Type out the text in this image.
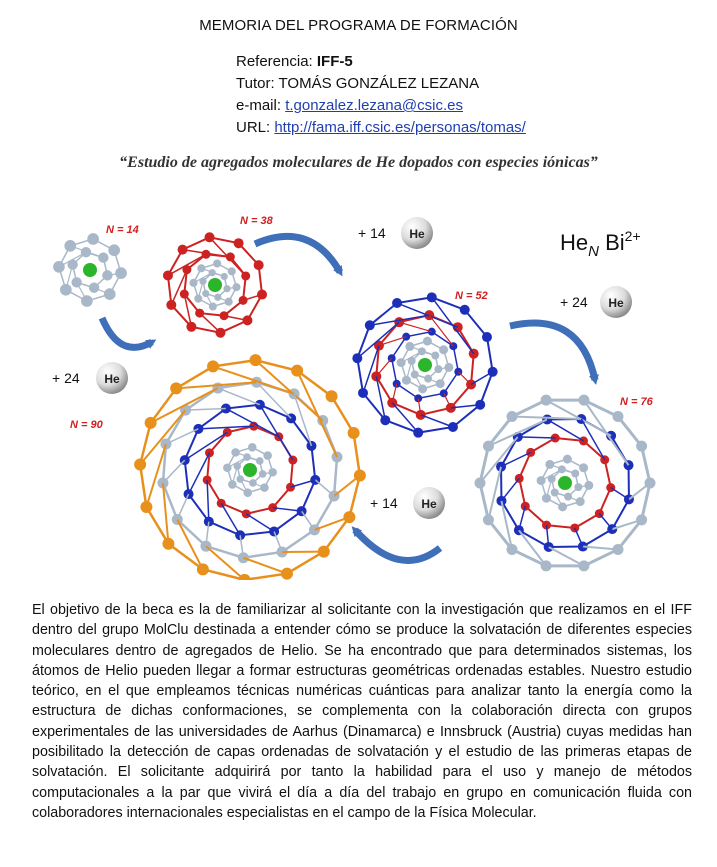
MEMORIA DEL PROGRAMA DE FORMACIÓN
Referencia: IFF-5
Tutor: TOMÁS GONZÁLEZ LEZANA
e-mail: t.gonzalez.lezana@csic.es
URL: http://fama.iff.csic.es/personas/tomas/
“Estudio de agregados moleculares de He dopados con especies iónicas”
N = 14
N = 38
N = 52
N = 76
N = 90
+ 14 He
+ 24 He
+ 14 He
+ 24 He
$He_N$ $Bi^{2+}$
El objetivo de la beca es la de familiarizar al solicitante con la investigación que realizamos en el IFF dentro del grupo MolClu destinada a entender cómo se produce la solvatación de diferentes especies moleculares dentro de agregados de Helio. Se ha encontrado que para determinados sistemas, los átomos de Helio pueden llegar a formar estructuras geométricas ordenadas estables. Nuestro estudio teórico, en el que empleamos técnicas numéricas cuánticas para analizar tanto la energía como la estructura de dichas conformaciones, se complementa con la colaboración directa con grupos experimentales de las universidades de Aarhus (Dinamarca) e Innsbruck (Austria) cuyas medidas han posibilitado la detección de capas ordenadas de solvatación y el estudio de las primeras etapas de solvatación. El solicitante adquirirá por tanto la habilidad para el uso y manejo de métodos computacionales a la par que vivirá el día a día del trabajo en grupo en comunicación fluida con colaboradores internacionales especialistas en el campo de la Física Molecular.
